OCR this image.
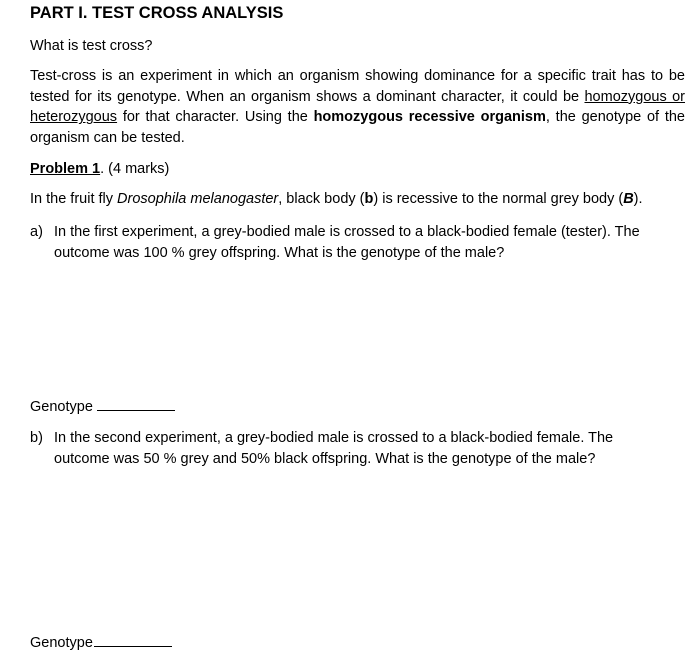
PART I. TEST CROSS ANALYSIS
What is test cross?
Test-cross is an experiment in which an organism showing dominance for a specific trait has to be tested for its genotype. When an organism shows a dominant character, it could be homozygous or heterozygous for that character. Using the homozygous recessive organism, the genotype of the organism can be tested.
Problem 1. (4 marks)
In the fruit fly Drosophila melanogaster, black body (b) is recessive to the normal grey body (B).
a) In the first experiment, a grey-bodied male is crossed to a black-bodied female (tester). The outcome was 100 % grey offspring. What is the genotype of the male?
Genotype
b) In the second experiment, a grey-bodied male is crossed to a black-bodied female. The outcome was 50 % grey and 50% black offspring. What is the genotype of the male?
Genotype
